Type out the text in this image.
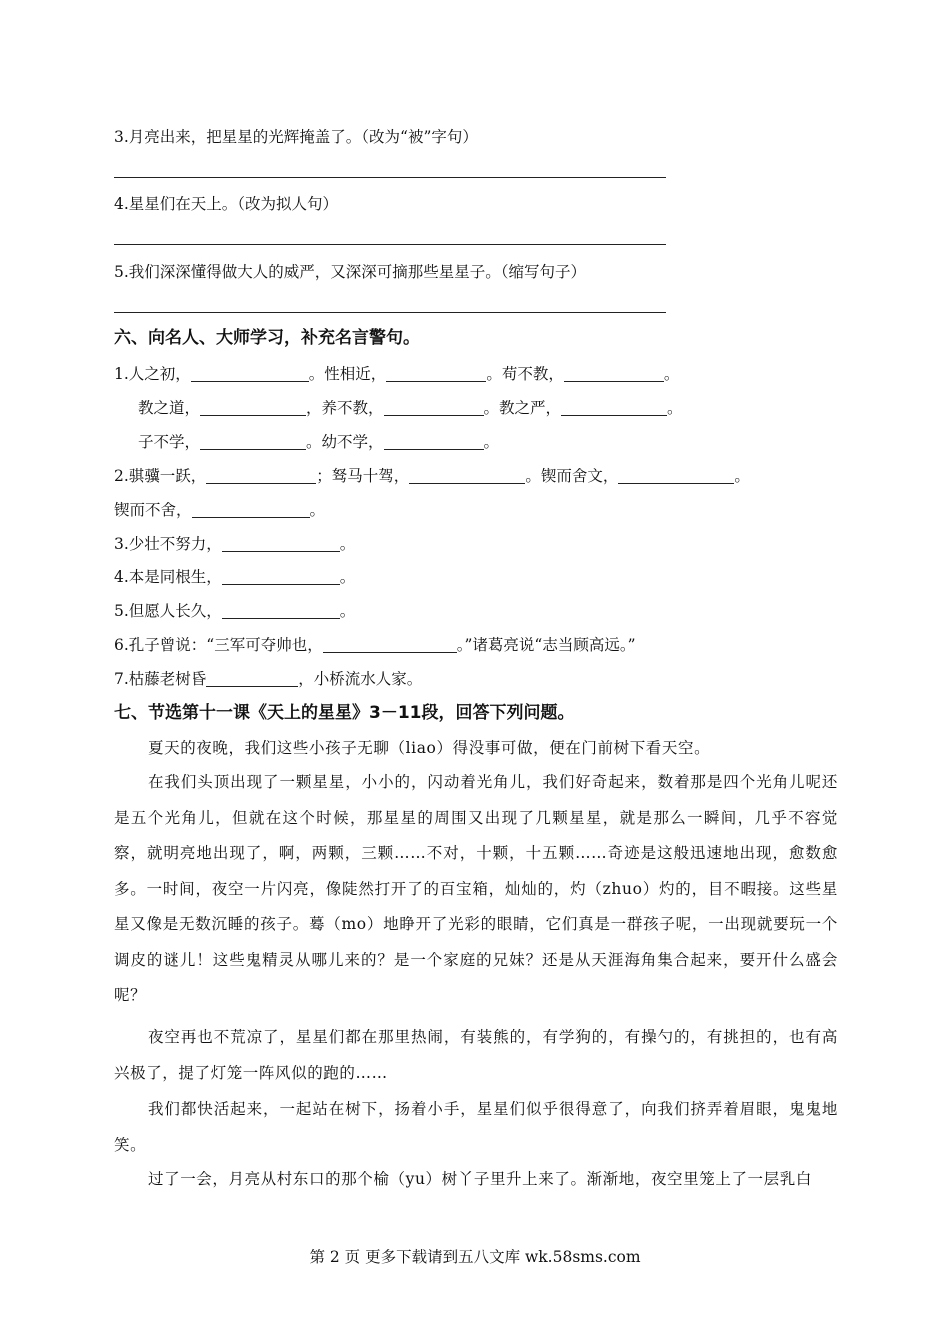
3.月亮出来，把星星的光辉掩盖了。（改为“被”字句）
4.星星们在天上。（改为拟人句）
5.我们深深懂得做大人的威严，又深深可摘那些星星子。（缩写句子）
六、向名人、大师学习，补充名言警句。
1.人之初，	。性相近，	。苟不教，	。
教之道，	，养不教，	。教之严，	。
子不学，	。幼不学，	。
2.骐骥一跃，	；驽马十驾，	。锲而舍文，	。
锲而不舍，	。
3.少壮不努力，	。
4.本是同根生，	。
5.但愿人长久，	。
6.孔子曾说：“三军可夺帅也，	。”诸葛亮说“志当顾高远。”
7.枯藤老树昏	，小桥流水人家。
七、节选第十一课《天上的星星》3－11段，回答下列问题。
夏天的夜晚，我们这些小孩子无聊（liao）得没事可做，便在门前树下看天空。
在我们头顶出现了一颗星星，小小的，闪动着光角儿，我们好奇起来，数着那是四个光角儿呢还是五个光角儿，但就在这个时候，那星星的周围又出现了几颗星星，就是那么一瞬间，几乎不容觉察，就明亮地出现了，啊，两颗，三颗……不对，十颗，十五颗……奇迹是这般迅速地出现，愈数愈多。一时间，夜空一片闪亮，像陡然打开了的百宝箱，灿灿的，灼（zhuo）灼的，目不暇接。这些星星又像是无数沉睡的孩子。蓦（mo）地睁开了光彩的眼睛，它们真是一群孩子呢，一出现就要玩一个调皮的谜儿！这些鬼精灵从哪儿来的？是一个家庭的兄妹？还是从天涯海角集合起来，要开什么盛会呢？
夜空再也不荒凉了，星星们都在那里热闹，有装熊的，有学狗的，有操勺的，有挑担的，也有高兴极了，提了灯笼一阵风似的跑的……
我们都快活起来，一起站在树下，扬着小手，星星们似乎很得意了，向我们挤弄着眉眼，鬼鬼地笑。
过了一会，月亮从村东口的那个榆（yu）树丫子里升上来了。渐渐地，夜空里笼上了一层乳白
第 2 页 更多下载请到五八文库 wk.58sms.com
